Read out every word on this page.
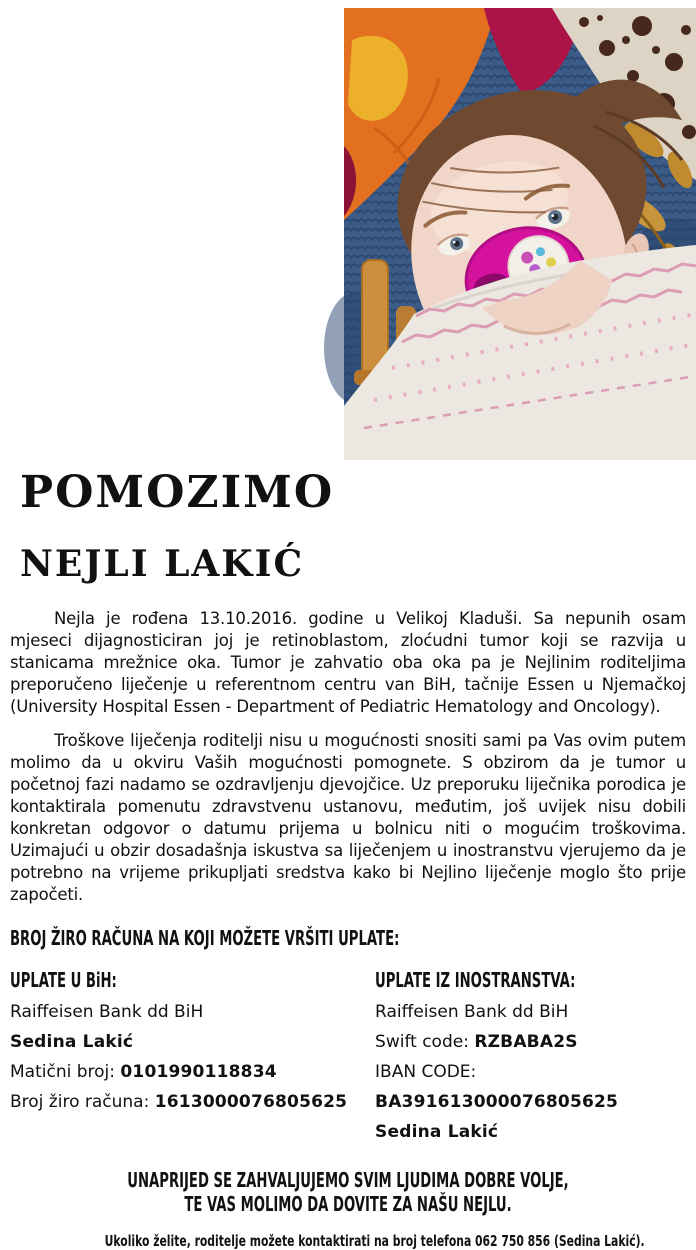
POMOZIMO
NEJLI LAKIĆ

Nejla je rođena 13.10.2016. godine u Velikoj Kladuši. Sa nepunih osam mjeseci dijagnosticiran joj je retinoblastom, zloćudni tumor koji se razvija u stanicama mrežnice oka. Tumor je zahvatio oba oka pa je Nejlinim roditeljima preporučeno liječenje u referentnom centru van BiH, tačnije Essen u Njemačkoj (University Hospital Essen - Department of Pediatric Hematology and Oncology).

Troškove liječenja roditelji nisu u mogućnosti snositi sami pa Vas ovim putem molimo da u okviru Vaših mogućnosti pomognete. S obzirom da je tumor u početnoj fazi nadamo se ozdravljenju djevojčice. Uz preporuku liječnika porodica je kontaktirala pomenutu zdravstvenu ustanovu, međutim, još uvijek nisu dobili konkretan odgovor o datumu prijema u bolnicu niti o mogućim troškovima. Uzimajući u obzir dosadašnja iskustva sa liječenjem u inostranstvu vjerujemo da je potrebno na vrijeme prikupljati sredstva kako bi Nejlino liječenje moglo što prije započeti.

BROJ ŽIRO RAČUNA NA KOJI MOŽETE VRŠITI UPLATE:
UPLATE U BiH:
Raiffeisen Bank dd BiH
Sedina Lakić
Matični broj: 0101990118834
Broj žiro računa: 1613000076805625
UPLATE IZ INOSTRANSTVA:
Raiffeisen Bank dd BiH
Swift code: RZBABA2S
IBAN CODE:
BA391613000076805625
Sedina Lakić
UNAPRIJED SE ZAHVALJUJEMO SVIM LJUDIMA DOBRE VOLJE,
TE VAS MOLIMO DA DOVITE ZA NAŠU NEJLU.
Ukoliko želite, roditelje možete kontaktirati na broj telefona 062 750 856 (Sedina Lakić).
